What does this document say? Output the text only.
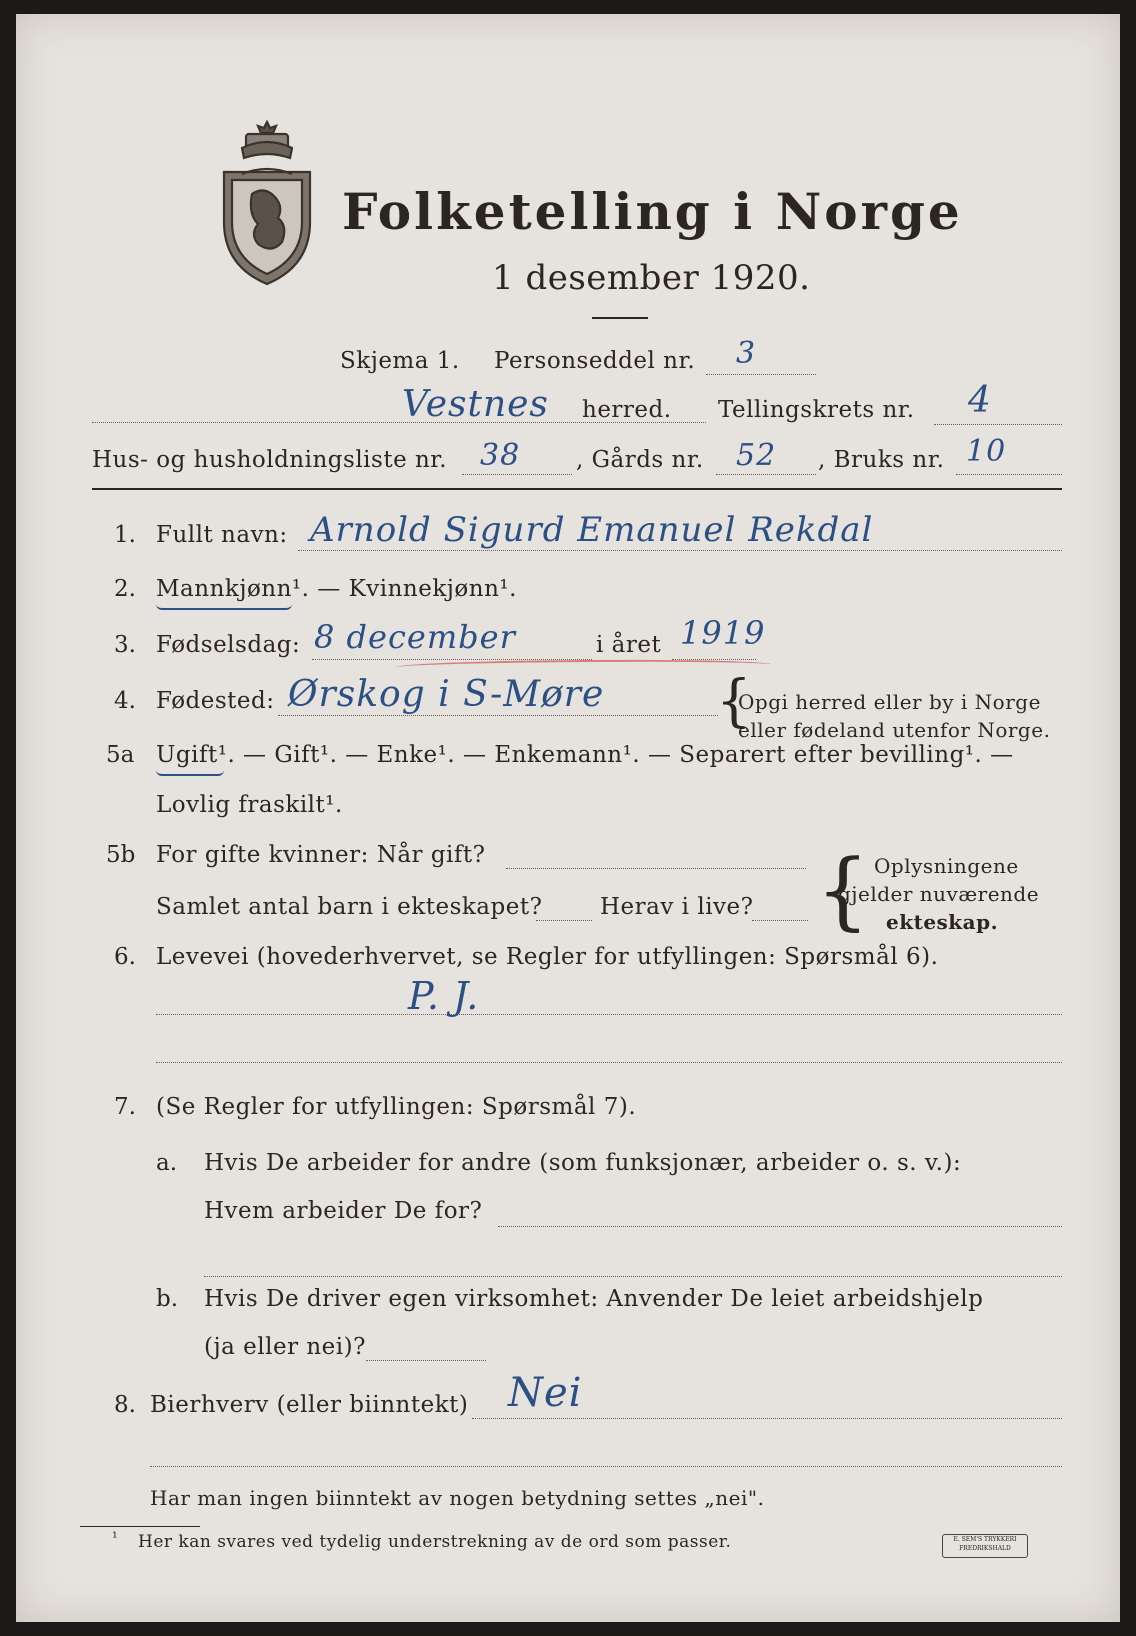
Folketelling i Norge
1 desember 1920.
Skjema 1. Personseddel nr. 3
Vestnes herred. Tellingskrets nr. 4
Hus- og husholdningsliste nr. 38 , Gårds nr. 52 , Bruks nr. 10
1. Fullt navn: Arnold Sigurd Emanuel Rekdal
2. Mannkjønn¹. — Kvinnekjønn¹.
3. Fødselsdag: 8 december	i året 1919
4. Fødested: Ørskog i S-Møre {
Opgi herred eller by i Norge
eller fødeland utenfor Norge.
5a Ugift¹. — Gift¹. — Enke¹. — Enkemann¹. — Separert efter bevilling¹. —
Lovlig fraskilt¹.
5b For gifte kvinner: Når gift?
Samlet antal barn i ekteskapet?	Herav i live? { Oplysningene
gjelder nuværende
ekteskap.
6. Levevei (hovederhvervet, se Regler for utfyllingen: Spørsmål 6).
P. J.
7. (Se Regler for utfyllingen: Spørsmål 7).
a. Hvis De arbeider for andre (som funksjonær, arbeider o. s. v.):
Hvem arbeider De for?
b. Hvis De driver egen virksomhet: Anvender De leiet arbeidshjelp
(ja eller nei)?
8. Bierhverv (eller biinntekt) Nei
Har man ingen biinntekt av nogen betydning settes „nei".
¹ Her kan svares ved tydelig understrekning av de ord som passer.	E. SEM'S TRYKKERI FREDRIKSHALD
